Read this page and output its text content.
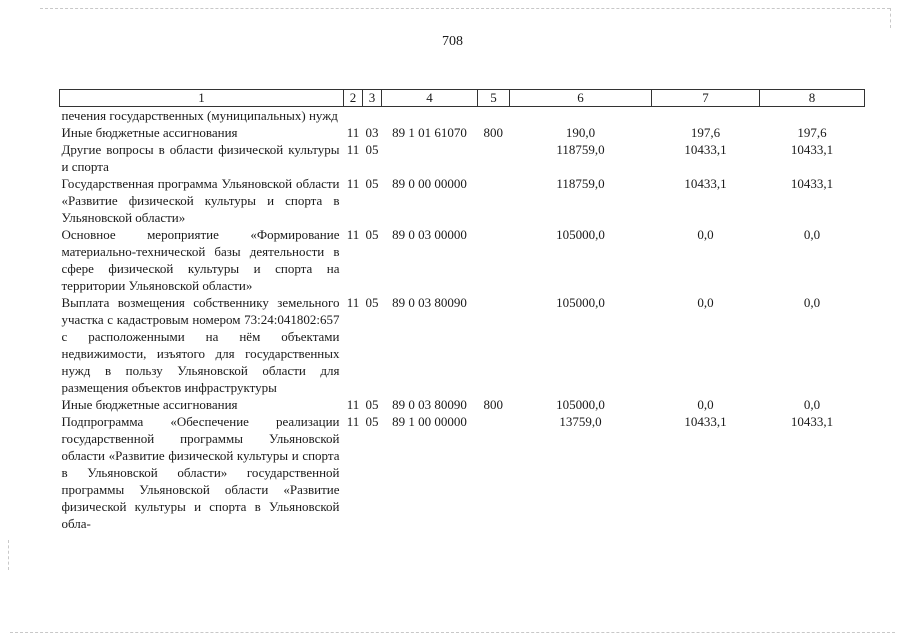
708
1	2	3	4	5	6	7	8
печения государственных (муниципальных) нужд							
Иные бюджетные ассигнования	11	03	89 1 01 61070	800	190,0	197,6	197,6
Другие вопросы в области физической культуры и спорта	11	05			118759,0	10433,1	10433,1
Государственная программа Ульяновской области «Развитие физической культуры и спорта в Ульяновской области»	11	05	89 0 00 00000		118759,0	10433,1	10433,1
Основное мероприятие «Формирование материально-технической базы деятельности в сфере физической культуры и спорта на территории Ульяновской области»	11	05	89 0 03 00000		105000,0	0,0	0,0
Выплата возмещения собственнику земельного участка с кадастровым номером 73:24:041802:657 с расположенными на нём объектами недвижимости, изъятого для государственных нужд в пользу Ульяновской области для размещения объектов инфраструктуры	11	05	89 0 03 80090		105000,0	0,0	0,0
Иные бюджетные ассигнования	11	05	89 0 03 80090	800	105000,0	0,0	0,0
Подпрограмма «Обеспечение реализации государственной программы Ульяновской области «Развитие физической культуры и спорта в Ульяновской области» государственной программы Ульяновской области «Развитие физической культуры и спорта в Ульяновской обла-	11	05	89 1 00 00000		13759,0	10433,1	10433,1
